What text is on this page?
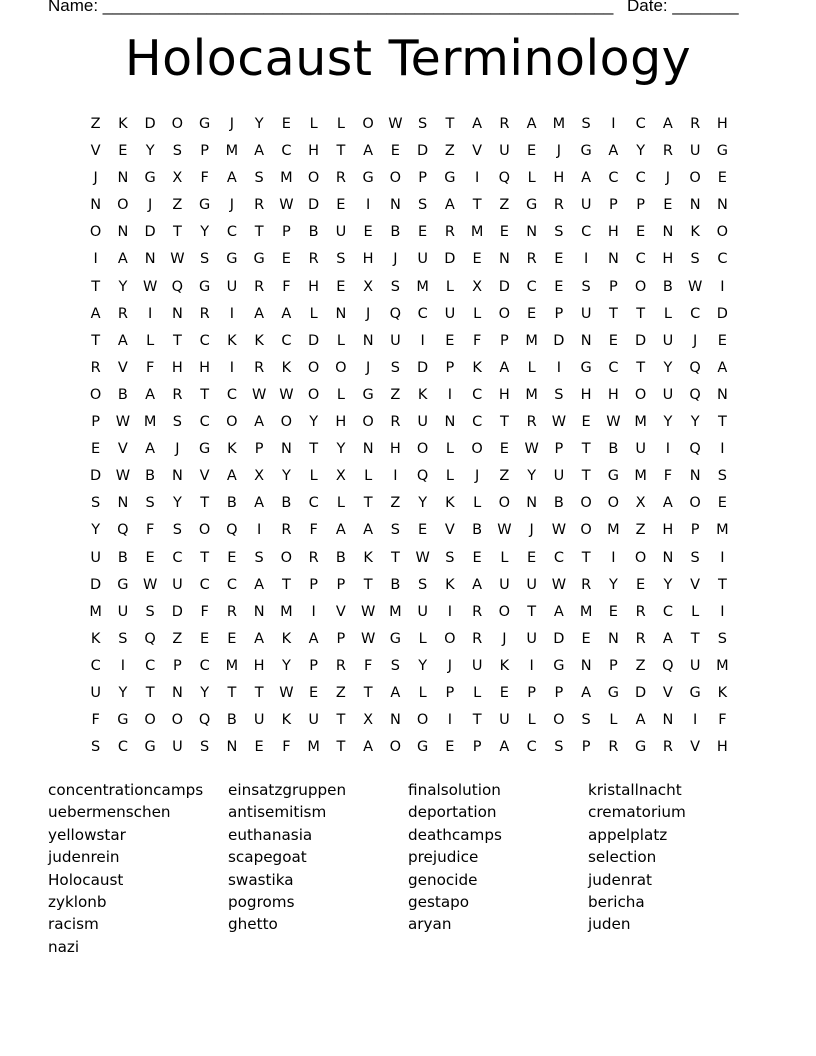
Name: ______________________________________________________

Date: _______

Holocaust Terminology
Z	K	D	O	G	J	Y	E	L	L	O W	S	T	A	R	A	M	S	I	C	A	R	H
V	E	Y	S	P	M	A	C	H	T	A	E	D	Z	V	U	E	J	G	A	Y	R	U	G
J	N	G	X	F	A	S	M	O	R	G	O	P	G	I	Q	L	H	A	C	C	J	O	E
N	O	J	Z	G	J	R	W D	E	I	N	S	A	T	Z	G	R	U	P	P	E	N	N
O	N	D	T	Y	C	T	P	B	U	E	B	E	R	M	E	N	S	C	H	E	N	K	O
I	A	N	W	S	G	G	E	R	S	H	J	U	D	E	N	R	E	I	N	C	H	S	C
T	Y	W Q	G	U	R	F	H	E	X	S	M	L	X	D	C	E	S	P	O	B	W	I
A	R	I	N	R	I	A	A	L	N	J	Q	C	U	L	O	E	P	U	T	T	L	C	D
T	A	L	T	C	K	K	C	D	L	N	U	I	E	F	P	M	D	N	E	D	U	J	E
R	V	F	H	H	I	R	K	O	O	J	S	D	P	K	A	L	I	G	C	T	Y	Q	A
O	B	A	R	T	C	W W O	L	G	Z	K	I	C	H	M	S	H	H	O	U	Q	N
P	W M	S	C	O	A	O	Y	H	O	R	U	N	C	T	R	W	E	W M	Y	Y	T
E	V	A	J	G	K	P	N	T	Y	N	H	O	L	O	E	W	P	T	B	U	I	Q	I
D	W	B	N	V	A	X	Y	L	X	L	I	Q	L	J	Z	Y	U	T	G	M	F	N	S
S	N	S	Y	T	B	A	B	C	L	T	Z	Y	K	L	O	N	B	O	O	X	A	O	E
Y	Q	F	S	O	Q	I	R	F	A	A	S	E	V	B	W	J	W O	M	Z	H	P	M
U	B	E	C	T	E	S	O	R	B	K	T	W	S	E	L	E	C	T	I	O	N	S	I
D	G W	U	C	C	A	T	P	P	T	B	S	K	A	U	U	W	R	Y	E	Y	V	T
M	U	S	D	F	R	N	M	I	V	W M	U	I	R	O	T	A	M	E	R	C	L	I
K	S	Q	Z	E	E	A	K	A	P	W G	L	O	R	J	U	D	E	N	R	A	T	S
C	I	C	P	C	M	H	Y	P	R	F	S	Y	J	U	K	I	G	N	P	Z	Q	U	M
U	Y	T	N	Y	T	T	W	E	Z	T	A	L	P	L	E	P	P	A	G	D	V	G	K
F	G	O	O	Q	B	U	K	U	T	X	N	O	I	T	U	L	O	S	L	A	N	I	F
S	C	G	U	S	N	E	F	M	T	A	O	G	E	P	A	C	S	P	R	G	R	V	H
concentrationcamps
uebermenschen
yellowstar
judenrein
Holocaust
zyklonb
racism
nazi
einsatzgruppen
antisemitism
euthanasia
scapegoat
swastika
pogroms
ghetto
finalsolution
deportation
deathcamps
prejudice
genocide
gestapo
aryan
kristallnacht
crematorium
appelplatz
selection
judenrat
bericha
juden
